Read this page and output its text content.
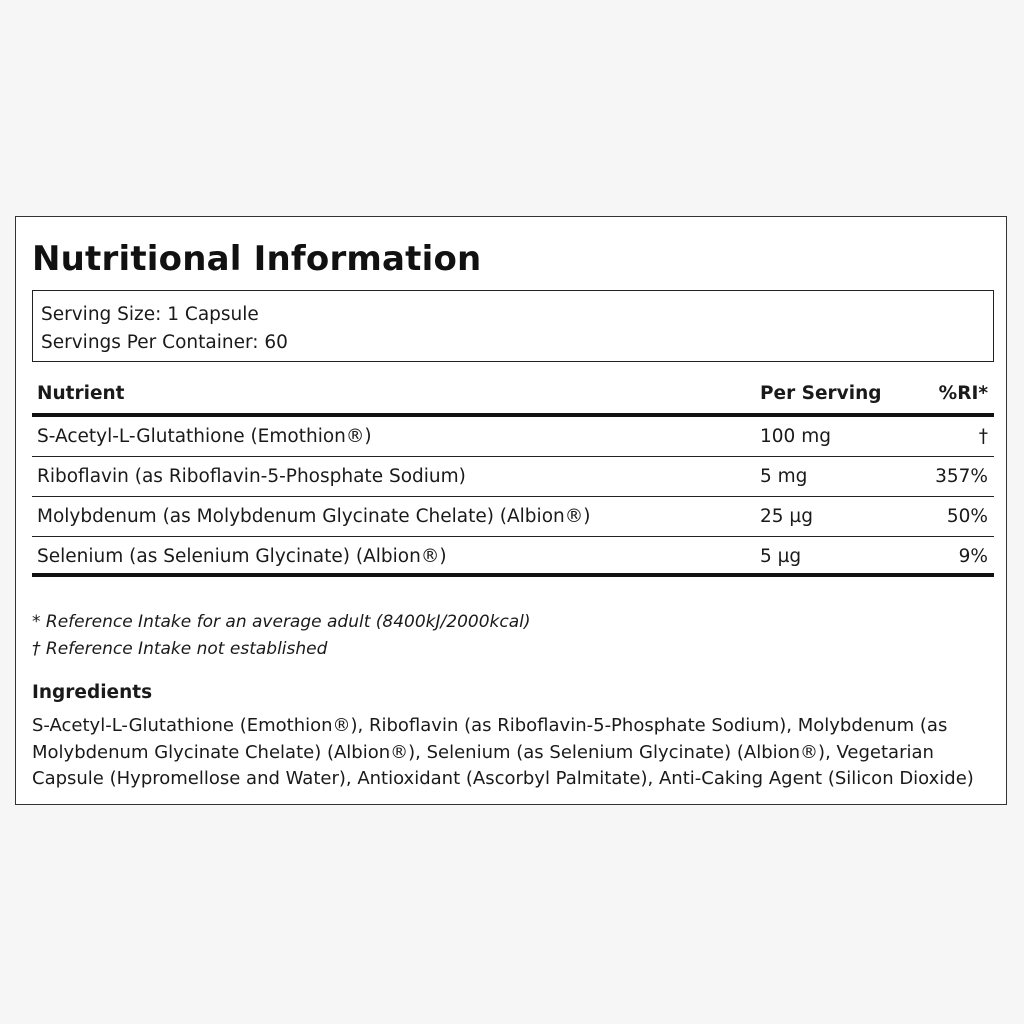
Nutritional Information
Serving Size: 1 Capsule
Servings Per Container: 60
Nutrient	Per Serving	%RI*
S-Acetyl-L-Glutathione (Emothion®)	100 mg	†
Riboflavin (as Riboflavin-5-Phosphate Sodium)	5 mg	357%
Molybdenum (as Molybdenum Glycinate Chelate) (Albion®)	25 µg	50%
Selenium (as Selenium Glycinate) (Albion®)	5 µg	9%
* Reference Intake for an average adult (8400kJ/2000kcal)
† Reference Intake not established
Ingredients
S-Acetyl-L-Glutathione (Emothion®), Riboflavin (as Riboflavin-5-Phosphate Sodium), Molybdenum (as Molybdenum Glycinate Chelate) (Albion®), Selenium (as Selenium Glycinate) (Albion®), Vegetarian Capsule (Hypromellose and Water), Antioxidant (Ascorbyl Palmitate), Anti-Caking Agent (Silicon Dioxide)
